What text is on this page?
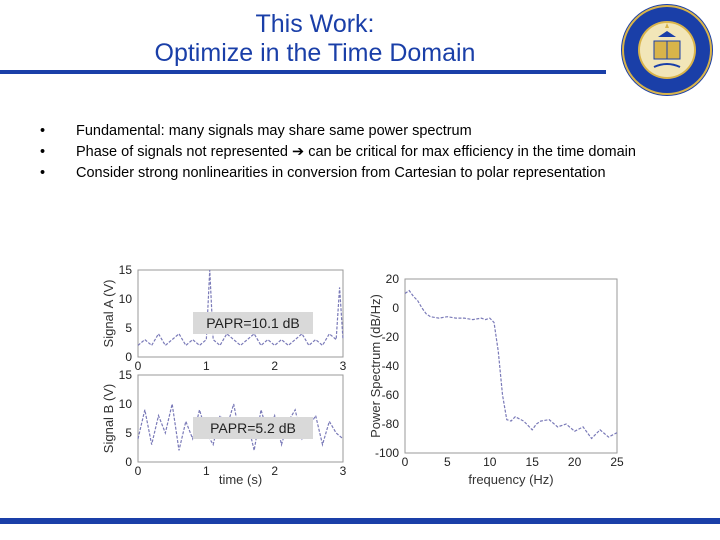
This Work:
Optimize in the Time Domain
• Fundamental: many signals may share same power spectrum
• Phase of signals not represented ➔ can be critical for max efficiency in the time domain
• Consider strong nonlinearities in conversion from Cartesian to polar representation
0
5
10
15
0	1	2	3
Signal A (V)	PAPR=10.1 dB
0
5
10
15
0	1	2	3
Signal B (V)
time (s)
PAPR=5.2 dB
20
0
-20
-40
-60
-80
-100
0	5	10 15 20 25
Power Spectrum (dB/Hz)
frequency (Hz)
